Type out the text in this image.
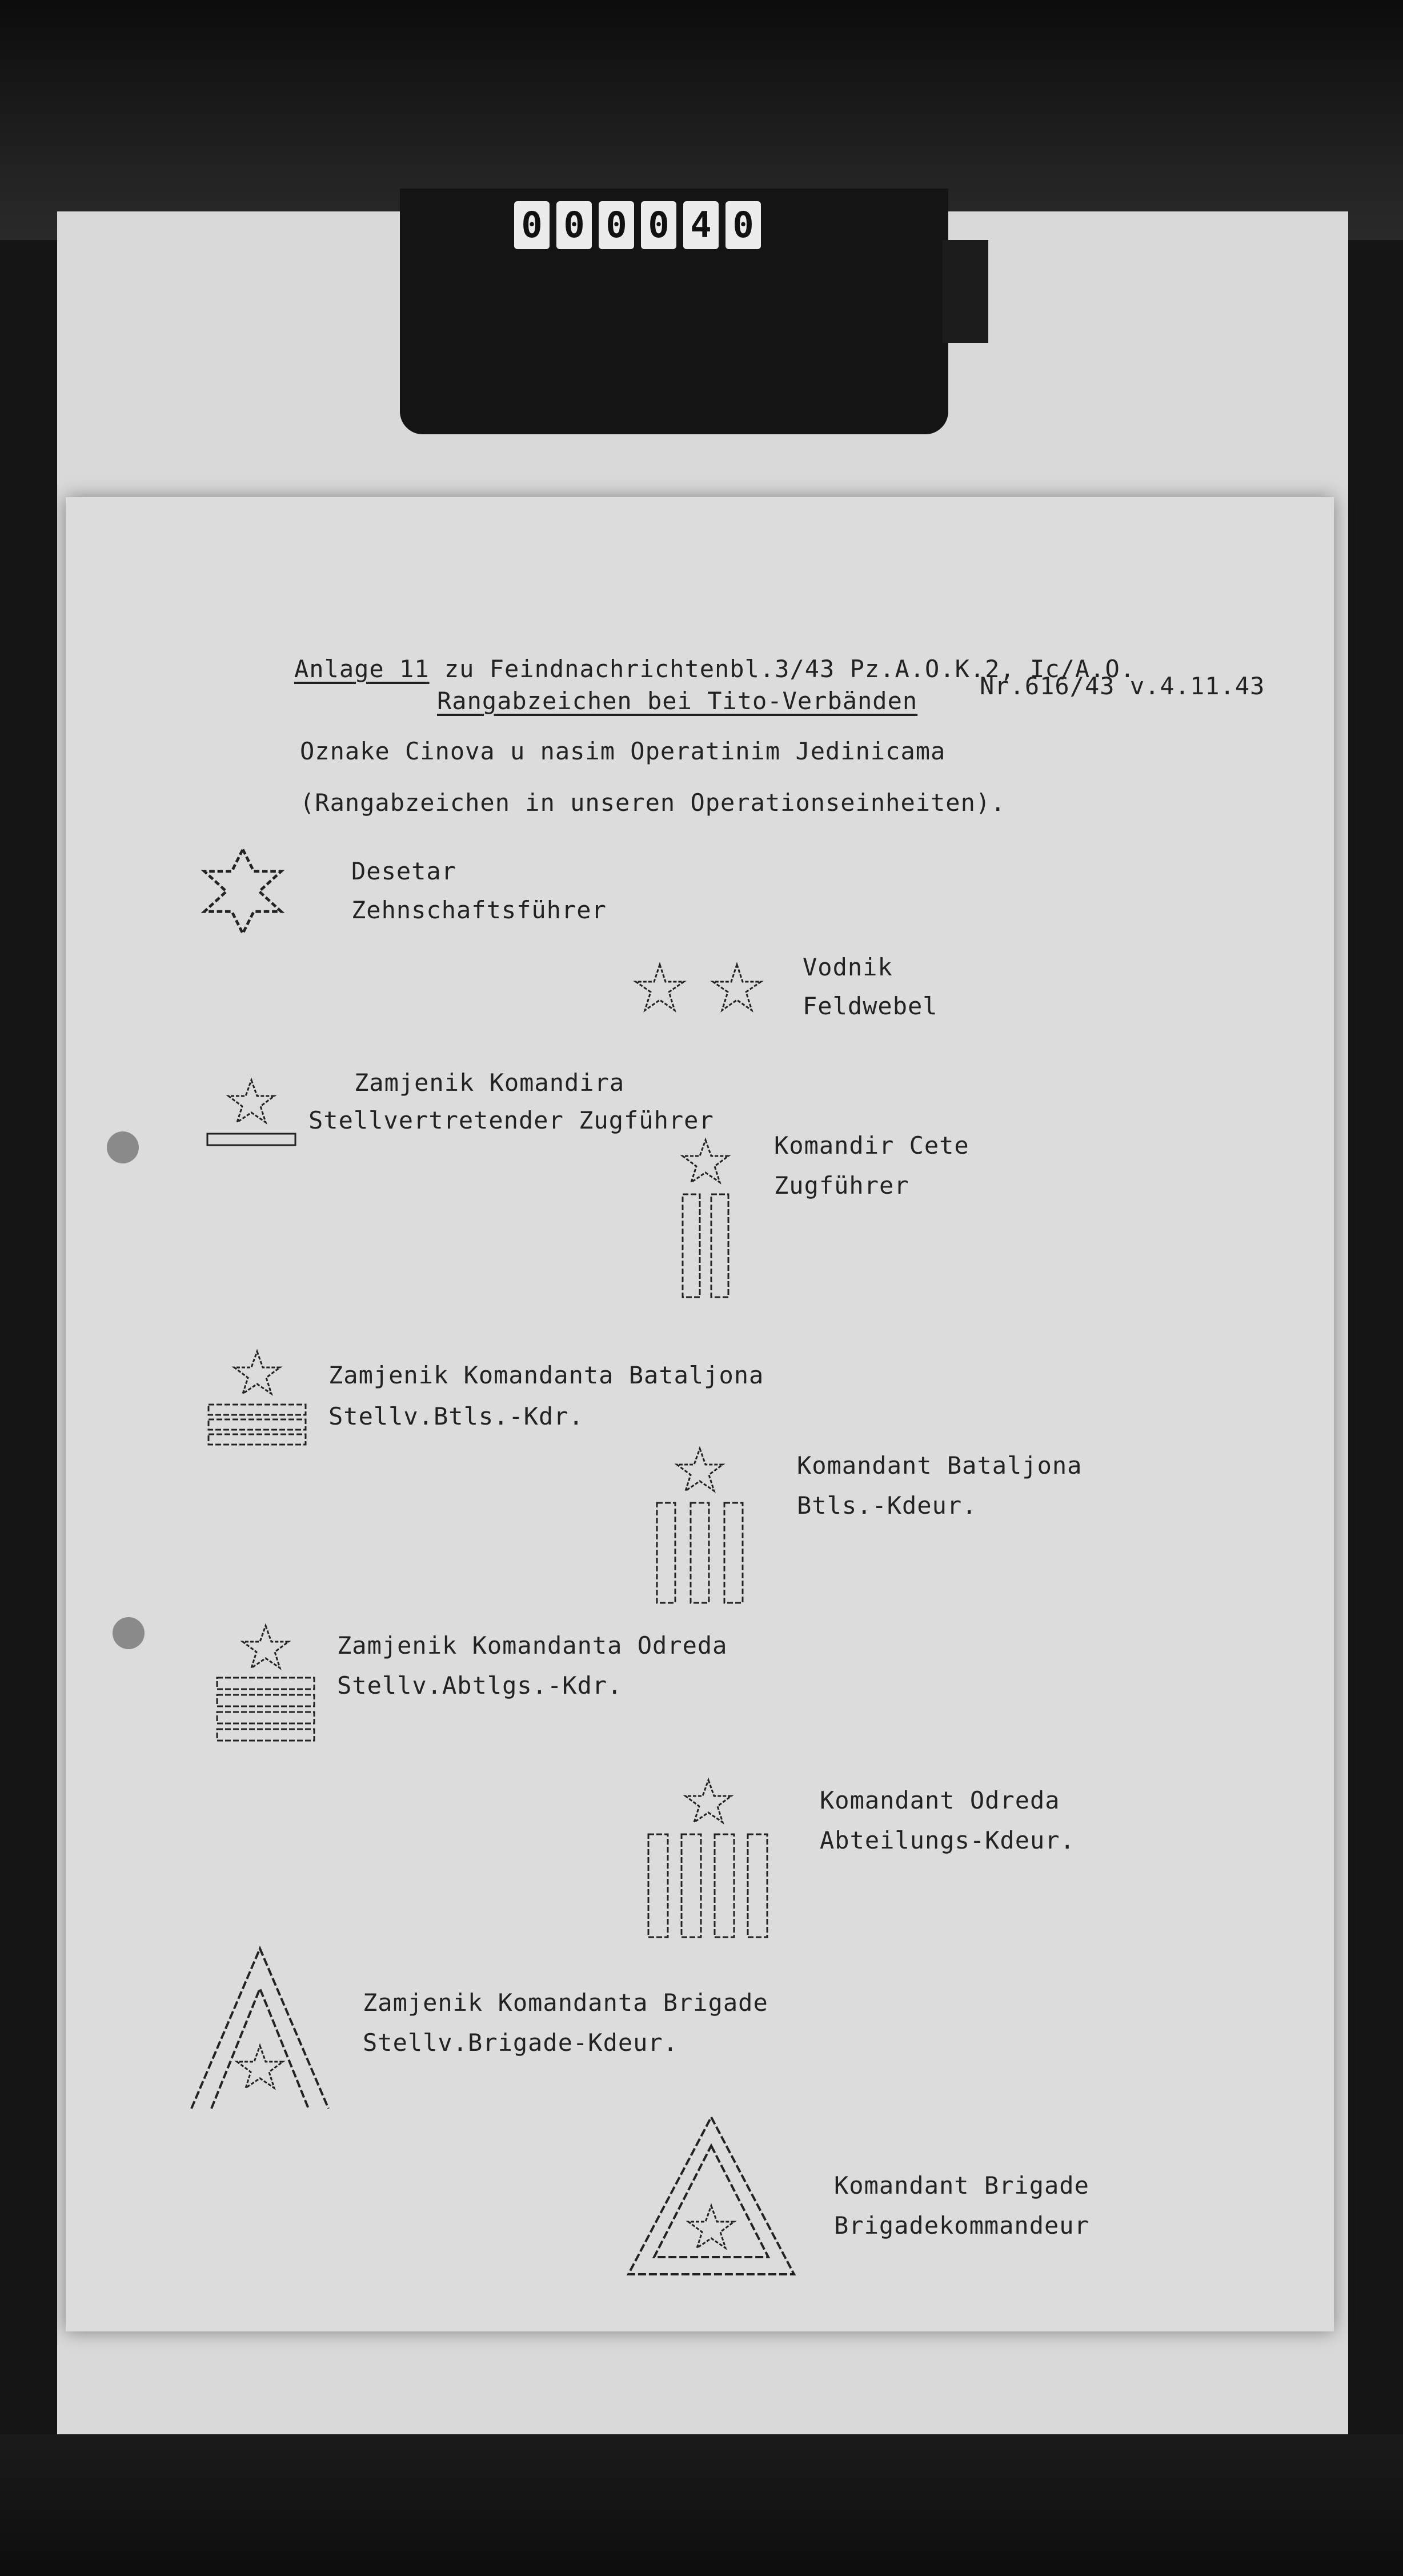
0 0 0 0 4 0
Anlage 11 zu Feindnachrichtenbl.3/43 Pz.A.O.K.2, Ic/A.O.
Nr.616/43 v.4.11.43
Rangabzeichen bei Tito-Verbänden
Oznake Cinova u nasim Operatinim Jedinicama
(Rangabzeichen in unseren Operationseinheiten).
Desetar
Zehnschaftsführer
Vodnik
Feldwebel
Zamjenik Komandira
Stellvertretender Zugführer
Komandir Cete
Zugführer
Zamjenik Komandanta Bataljona
Stellv.Btls.-Kdr.
Komandant Bataljona
Btls.-Kdeur.
Zamjenik Komandanta Odreda
Stellv.Abtlgs.-Kdr.
Komandant Odreda
Abteilungs-Kdeur.
Zamjenik Komandanta Brigade
Stellv.Brigade-Kdeur.
Komandant Brigade
Brigadekommandeur
